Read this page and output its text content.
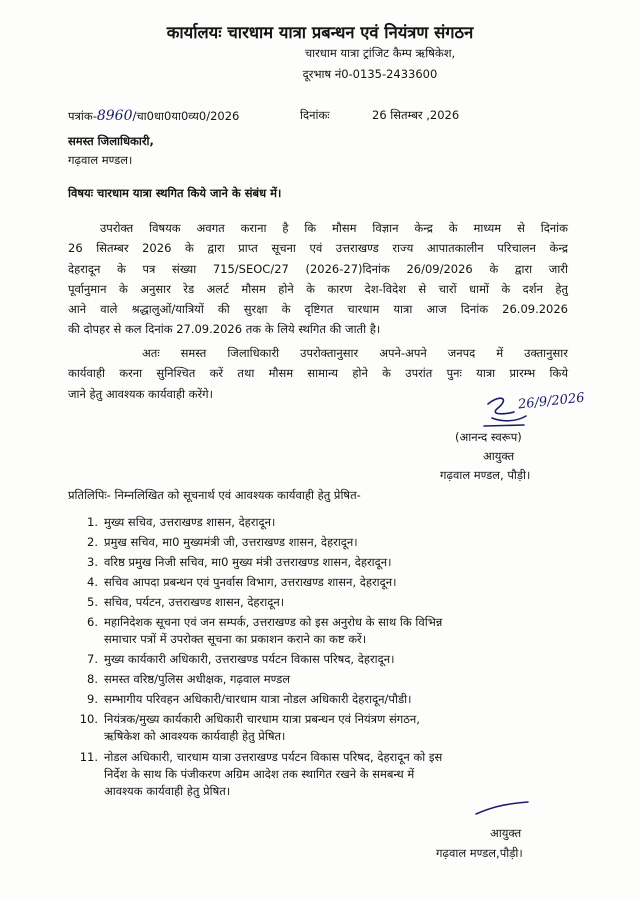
कार्यालयः चारधाम यात्रा प्रबन्धन एवं नियंत्रण संगठन
चारधाम यात्रा ट्रांजिट कैम्प ऋषिकेश,
दूरभाष नं0-0135-2433600
पत्रांक-8960/चा0धा0या0व्य0/2026	दिनांकः	26 सितम्बर ,2026
समस्त जिलाधिकारी,
गढ़वाल मण्डल।
विषयः चारधाम यात्रा स्थगित किये जाने के संबंध में।
उपरोक्त विषयक अवगत कराना है कि मौसम विज्ञान केन्द्र के माध्यम से दिनांक
26 सितम्बर 2026 के द्वारा प्राप्त सूचना एवं उत्तराखण्ड राज्य आपातकालीन परिचालन केन्द्र
देहरादून के पत्र संख्या 715/SEOC/27 (2026-27)दिनांक 26/09/2026 के द्वारा जारी
पूर्वानुमान के अनुसार रेड अलर्ट मौसम होने के कारण देश-विदेश से चारों धामों के दर्शन हेतु
आने वाले श्रद्धालुओं/यात्रियों की सुरक्षा के दृष्टिगत चारधाम यात्रा आज दिनांक 26.09.2026
की दोपहर से कल दिनांक 27.09.2026 तक के लिये स्थगित की जाती है।
अतः समस्त जिलाधिकारी उपरोक्तानुसार अपने-अपने जनपद में उक्तानुसार
कार्यवाही करना सुनिश्चित करें तथा मौसम सामान्य होने के उपरांत पुनः यात्रा प्रारम्भ किये
जाने हेतु आवश्यक कार्यवाही करेंगे।	26/9/2026
(आनन्द स्वरूप)
आयुक्त
गढ़वाल मण्डल, पौड़ी।
प्रतिलिपिः- निम्नलिखित को सूचनार्थ एवं आवश्यक कार्यवाही हेतु प्रेषित-
1. मुख्य सचिव, उत्तराखण्ड शासन, देहरादून।
2. प्रमुख सचिव, मा0 मुख्यमंत्री जी, उत्तराखण्ड शासन, देहरादून।
3. वरिष्ठ प्रमुख निजी सचिव, मा0 मुख्य मंत्री उत्तराखण्ड शासन, देहरादून।
4. सचिव आपदा प्रबन्धन एवं पुनर्वास विभाग, उत्तराखण्ड शासन, देहरादून।
5. सचिव, पर्यटन, उत्तराखण्ड शासन, देहरादून।
6. महानिदेशक सूचना एवं जन सम्पर्क, उत्तराखण्ड को इस अनुरोध के साथ कि विभिन्न
समाचार पत्रों में उपरोक्त सूचना का प्रकाशन कराने का कष्ट करें।
7. मुख्य कार्यकारी अधिकारी, उत्तराखण्ड पर्यटन विकास परिषद, देहरादून।
8. समस्त वरिष्ठ/पुलिस अधीक्षक, गढ़वाल मण्डल
9. सम्भागीय परिवहन अधिकारी/चारधाम यात्रा नोडल अधिकारी देहरादून/पौडी।
10. नियंत्रक/मुख्य कार्यकारी अधिकारी चारधाम यात्रा प्रबन्धन एवं नियंत्रण संगठन,
ऋषिकेश को आवश्यक कार्यवाही हेतु प्रेषित।
11. नोडल अधिकारी, चारधाम यात्रा उत्तराखण्ड पर्यटन विकास परिषद, देहरादून को इस
निर्देश के साथ कि पंजीकरण अग्रिम आदेश तक स्थागित रखने के समबन्ध में
आवश्यक कार्यवाही हेतु प्रेषित।
आयुक्त
गढ़वाल मण्डल,पौड़ी।
